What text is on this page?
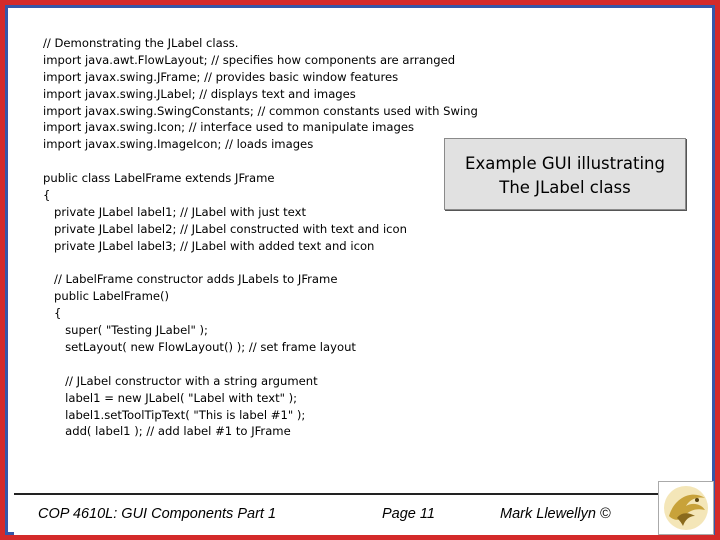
// Demonstrating the JLabel class.
import java.awt.FlowLayout; // specifies how components are arranged
import javax.swing.JFrame; // provides basic window features
import javax.swing.JLabel; // displays text and images
import javax.swing.SwingConstants; // common constants used with Swing
import javax.swing.Icon; // interface used to manipulate images
import javax.swing.ImageIcon; // loads images
public class LabelFrame extends JFrame
{
private JLabel label1; // JLabel with just text
private JLabel label2; // JLabel constructed with text and icon
private JLabel label3; // JLabel with added text and icon
// LabelFrame constructor adds JLabels to JFrame
public LabelFrame()
{
super( "Testing JLabel" );
setLayout( new FlowLayout() ); // set frame layout
// JLabel constructor with a string argument
label1 = new JLabel( "Label with text" );
label1.setToolTipText( "This is label #1" );
add( label1 ); // add label #1 to JFrame
Example GUI illustrating
The JLabel class
COP 4610L: GUI Components Part 1	Page 11	Mark Llewellyn ©
